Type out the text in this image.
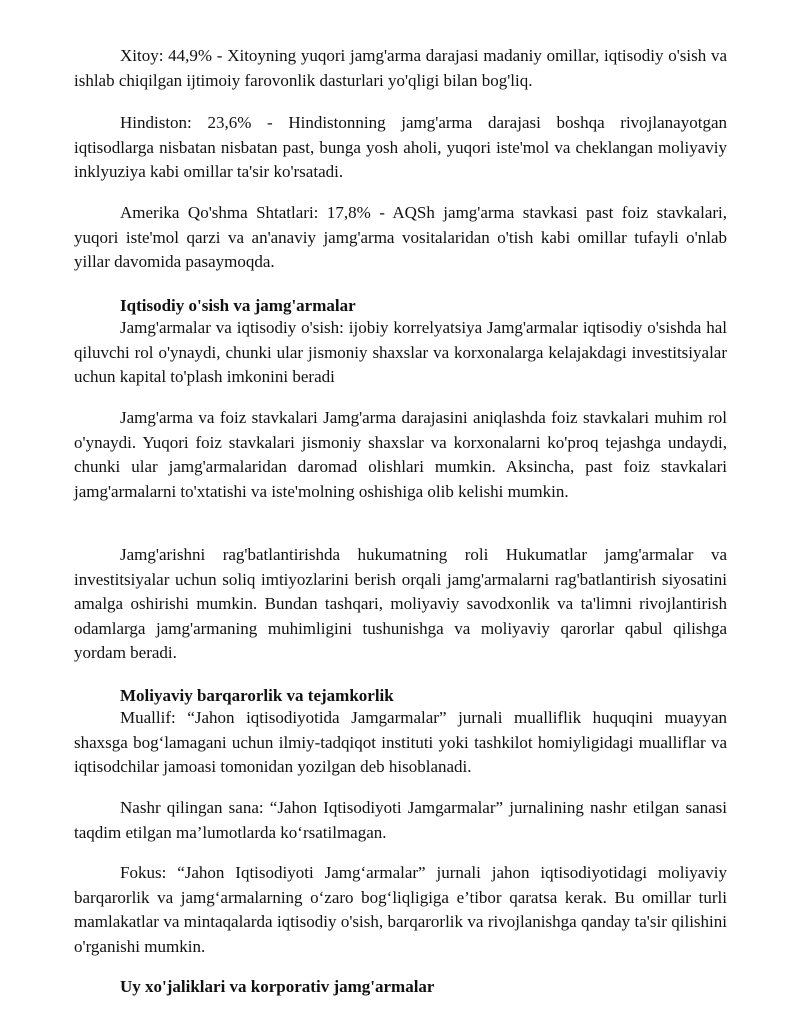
Xitoy: 44,9% - Xitoyning yuqori jamg'arma darajasi madaniy omillar, iqtisodiy o'sish va ishlab chiqilgan ijtimoiy farovonlik dasturlari yo'qligi bilan bog'liq.

Hindiston: 23,6% - Hindistonning jamg'arma darajasi boshqa rivojlanayotgan iqtisodlarga nisbatan nisbatan past, bunga yosh aholi, yuqori iste'mol va cheklangan moliyaviy inklyuziya kabi omillar ta'sir ko'rsatadi.

Amerika Qo'shma Shtatlari: 17,8% - AQSh jamg'arma stavkasi past foiz stavkalari, yuqori iste'mol qarzi va an'anaviy jamg'arma vositalaridan o'tish kabi omillar tufayli o'nlab yillar davomida pasaymoqda.

Iqtisodiy o'sish va jamg'armalar

Jamg'armalar va iqtisodiy o'sish: ijobiy korrelyatsiya Jamg'armalar iqtisodiy o'sishda hal qiluvchi rol o'ynaydi, chunki ular jismoniy shaxslar va korxonalarga kelajakdagi investitsiyalar uchun kapital to'plash imkonini beradi

Jamg'arma va foiz stavkalari Jamg'arma darajasini aniqlashda foiz stavkalari muhim rol o'ynaydi. Yuqori foiz stavkalari jismoniy shaxslar va korxonalarni ko'proq tejashga undaydi, chunki ular jamg'armalaridan daromad olishlari mumkin. Aksincha, past foiz stavkalari jamg'armalarni to'xtatishi va iste'molning oshishiga olib kelishi mumkin.

Jamg'arishni rag'batlantirishda hukumatning roli Hukumatlar jamg'armalar va investitsiyalar uchun soliq imtiyozlarini berish orqali jamg'armalarni rag'batlantirish siyosatini amalga oshirishi mumkin. Bundan tashqari, moliyaviy savodxonlik va ta'limni rivojlantirish odamlarga jamg'armaning muhimligini tushunishga va moliyaviy qarorlar qabul qilishga yordam beradi.

Moliyaviy barqarorlik va tejamkorlik

Muallif: “Jahon iqtisodiyotida Jamgarmalar” jurnali mualliflik huquqini muayyan shaxsga bog‘lamagani uchun ilmiy-tadqiqot instituti yoki tashkilot homiyligidagi mualliflar va iqtisodchilar jamoasi tomonidan yozilgan deb hisoblanadi.

Nashr qilingan sana: “Jahon Iqtisodiyoti Jamgarmalar” jurnalining nashr etilgan sanasi taqdim etilgan ma’lumotlarda ko‘rsatilmagan.

Fokus: “Jahon Iqtisodiyoti Jamg‘armalar” jurnali jahon iqtisodiyotidagi moliyaviy barqarorlik va jamg‘armalarning o‘zaro bog‘liqligiga e’tibor qaratsa kerak. Bu omillar turli mamlakatlar va mintaqalarda iqtisodiy o'sish, barqarorlik va rivojlanishga qanday ta'sir qilishini o'rganishi mumkin.

Uy xo'jaliklari va korporativ jamg'armalar
